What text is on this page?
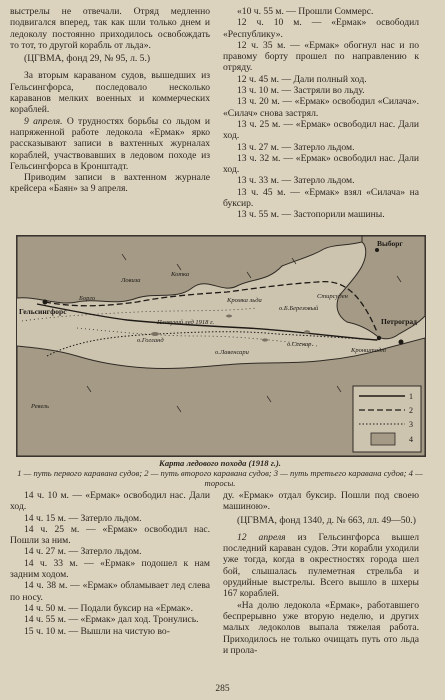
выстрелы не отвечали. Отряд медленно подвигался вперед, так как шли только днем и ледоколу постоянно приходилось освобождать то тот, то другой корабль от льда».

(ЦГВМА, фонд 29, № 95, л. 5.)

За вторым караваном судов, вышедших из Гельсингфорса, последовало несколько караванов мелких военных и коммерческих кораблей.

9 апреля. О трудностях борьбы со льдом и напряженной работе ледокола «Ермак» ярко рассказывают записи в вахтенных журналах кораблей, участвовавших в ледовом походе из Гельсингфорса в Кронштадт.

Приводим записи в вахтенном журнале крейсера «Баян» за 9 апреля.

«10 ч. 55 м. — Прошли Соммерс.

12 ч. 10 м. — «Ермак» освободил «Республику».

12 ч. 35 м. — «Ермак» обогнул нас и по правому борту прошел по направлению к отряду.

12 ч. 45 м. — Дали полный ход.

13 ч. 10 м. — Застряли во льду.

13 ч. 20 м. — «Ермак» освободил «Силача». «Силач» снова застрял.

13 ч. 25 м. — «Ермак» освободил нас. Дали ход.

13 ч. 27 м. — Затерло льдом.

13 ч. 32 м. — «Ермак» освободил нас. Дали ход.

13 ч. 33 м. — Затерло льдом.

13 ч. 45 м. — «Ермак» взял «Силача» на буксир.

13 ч. 55 м. — Застопорили машины.

Выборг
Петроград
Кронштадт
Гельсингфорс
Ревель
Борго
Ловиза
Котка
о.Гогланд
о.Лавенсари
о.Сескар
о.Б.Березовый
Стирсуден
Плавучий лед 1918 г.
Кромка льда
1
2
3
4
Карта ледового похода (1918 г.).
1 — путь первого каравана судов; 2 — путь второго каравана судов; 3 — путь третьего каравана судов; 4 — торосы.

14 ч. 10 м. — «Ермак» освободил нас. Дали ход.

14 ч. 15 м. — Затерло льдом.

14 ч. 25 м. — «Ермак» освободил нас. Пошли за ним.

14 ч. 27 м. — Затерло льдом.

14 ч. 33 м. — «Ермак» подошел к нам задним ходом.

14 ч. 38 м. — «Ермак» обламывает лед слева по носу.

14 ч. 50 м. — Подали буксир на «Ермак».

14 ч. 55 м. — «Ермак» дал ход. Тронулись.

15 ч. 10 м. — Вышли на чистую во-

ду. «Ермак» отдал буксир. Пошли под своею машиною».

(ЦГВМА, фонд 1340, д. № 663, лл. 49—50.)

12 апреля из Гельсингфорса вышел последний караван судов. Эти корабли уходили уже тогда, когда в окрестностях города шел бой, слышалась пулеметная стрельба и орудийные выстрелы. Всего вышло в шхеры 167 кораблей.

«На долю ледокола «Ермак», работавшего беспрерывно уже вторую неделю, и других малых ледоколов выпала тяжелая работа. Приходилось не только очищать путь ото льда и прола-

285
